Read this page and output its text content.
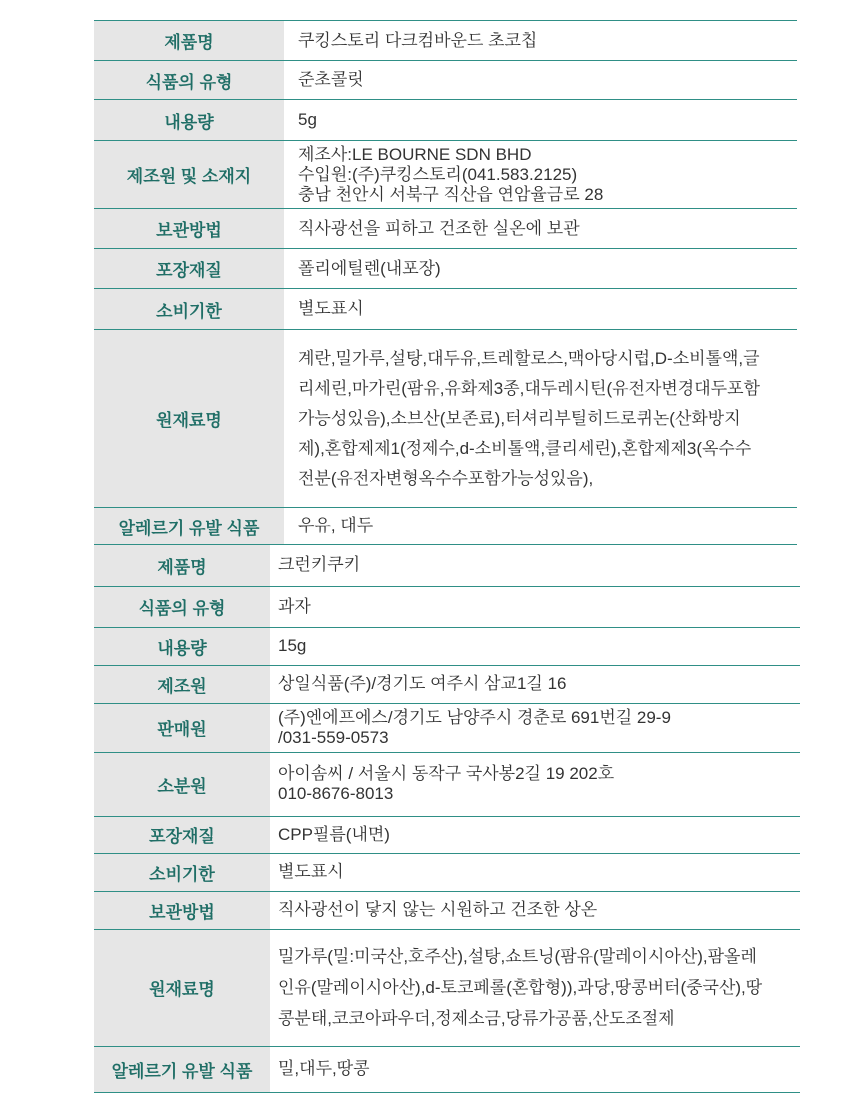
제품명	쿠킹스토리 다크컴바운드 초코칩
식품의 유형	준초콜릿
내용량	5g
제조원 및 소재지	제조사:LE BOURNE SDN BHD
수입원:(주)쿠킹스토리(041.583.2125)
충남 천안시 서북구 직산읍 연암율금로 28

보관방법	직사광선을 피하고 건조한 실온에 보관
포장재질	폴리에틸렌(내포장)
소비기한	별도표시
원재료명	계란,밀가루,설탕,대두유,트레할로스,맥아당시럽,D-소비톨액,글
리세린,마가린(팜유,유화제3종,대두레시틴(유전자변경대두포함
가능성있음),소브산(보존료),터셔리부틸히드로퀴논(산화방지
제),혼합제제1(정제수,d-소비톨액,클리세린),혼합제제3(옥수수
전분(유전자변형옥수수포함가능성있음),

알레르기 유발 식품	우유, 대두
제품명	크런키쿠키
식품의 유형	과자
내용량	15g
제조원	상일식품(주)/경기도 여주시 삼교1길 16
판매원	(주)엔에프에스/경기도 남양주시 경춘로 691번길 29-9
/031-559-0573

소분원	아이솜씨 / 서울시 동작구 국사봉2길 19 202호
010-8676-8013

포장재질	CPP필름(내면)
소비기한	별도표시
보관방법	직사광선이 닿지 않는 시원하고 건조한 상온
원재료명	밀가루(밀:미국산,호주산),설탕,쇼트닝(팜유(말레이시아산),팜올레
인유(말레이시아산),d-토코페롤(혼합형)),과당,땅콩버터(중국산),땅
콩분태,코코아파우더,정제소금,당류가공품,산도조절제

알레르기 유발 식품	밀,대두,땅콩
